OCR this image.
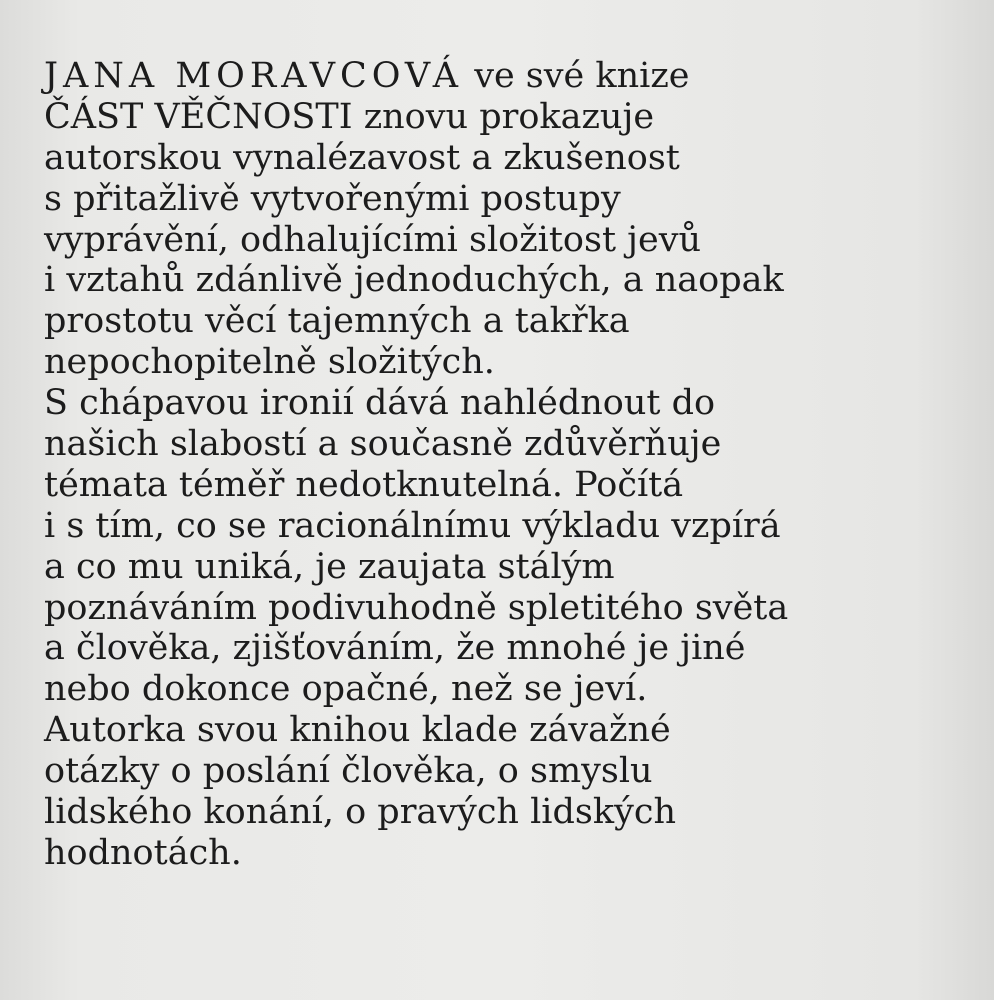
JANA MORAVCOVÁ ve své knize
ČÁST VĚČNOSTI znovu prokazuje
autorskou vynalézavost a zkušenost
s přitažlivě vytvořenými postupy
vyprávění, odhalujícími složitost jevů
i vztahů zdánlivě jednoduchých, a naopak
prostotu věcí tajemných a takřka
nepochopitelně složitých.
S chápavou ironií dává nahlédnout do
našich slabostí a současně zdůvěrňuje
témata téměř nedotknutelná. Počítá
i s tím, co se racionálnímu výkladu vzpírá
a co mu uniká, je zaujata stálým
poznáváním podivuhodně spletitého světa
a člověka, zjišťováním, že mnohé je jiné
nebo dokonce opačné, než se jeví.
Autorka svou knihou klade závažné
otázky o poslání člověka, o smyslu
lidského konání, o pravých lidských
hodnotách.
